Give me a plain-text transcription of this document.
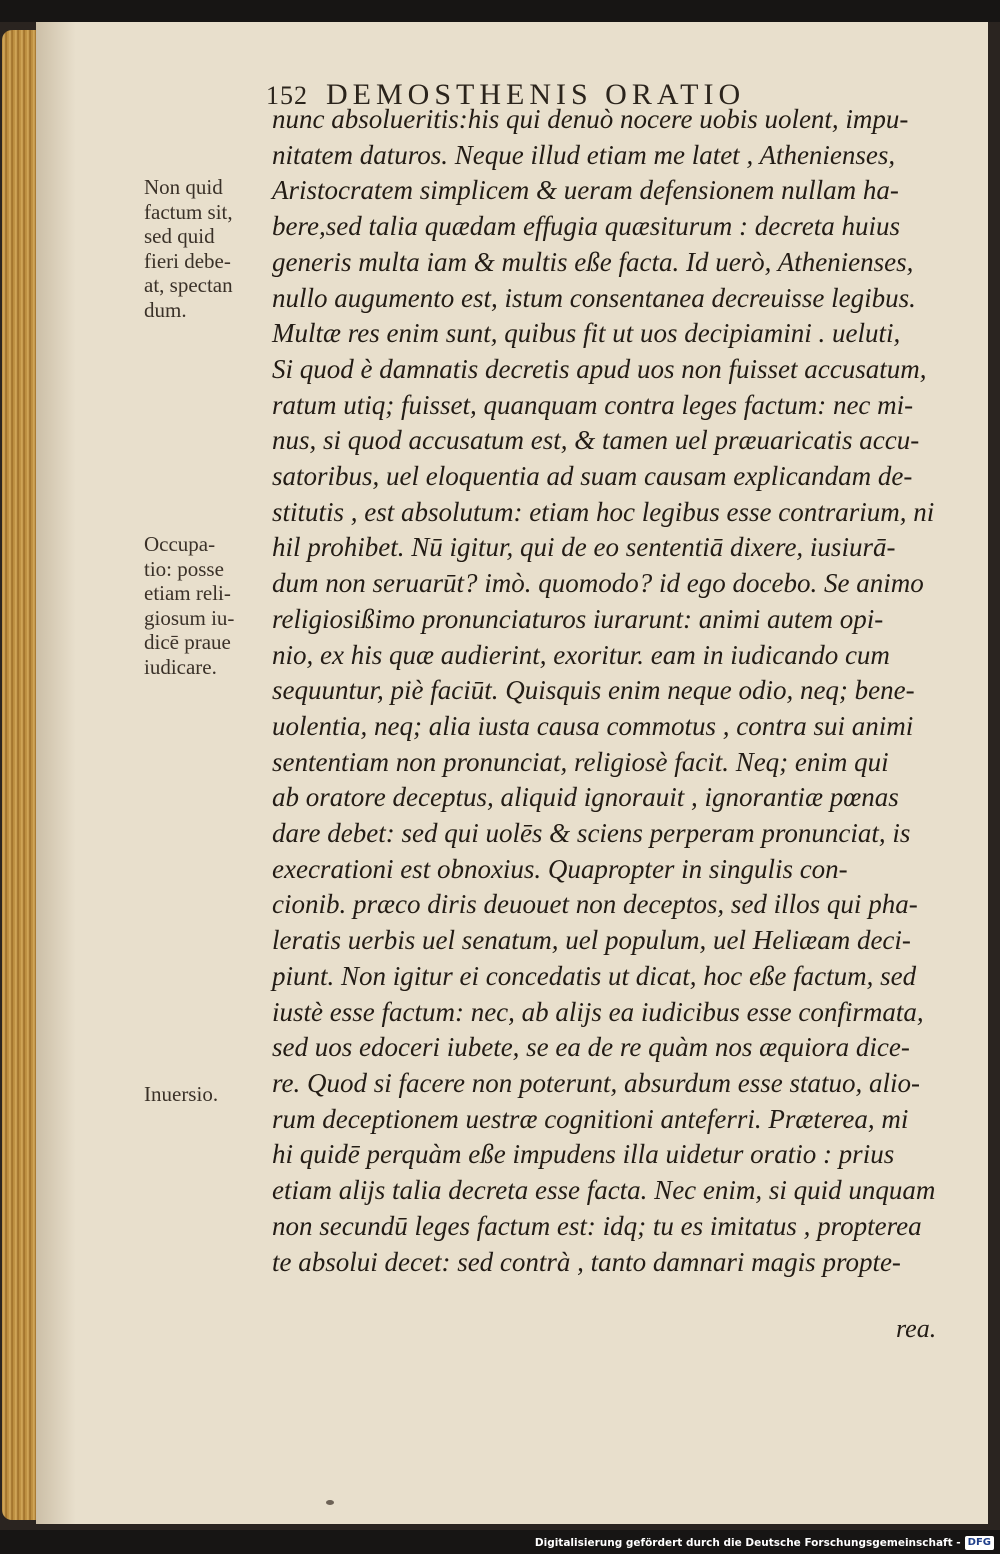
152 DEMOSTHENIS ORATIO
Non quid
factum sit,
sed quid
fieri debe-
at, spectan
dum.
Occupa-
tio: posse
etiam reli-
giosum iu-
dicē praue
iudicare.
Inuersio.
nunc absolueritis:his qui denuò nocere uobis uolent, impu-
nitatem daturos. Neque illud etiam me latet , Athenienses,
Aristocratem simplicem & ueram defensionem nullam ha-
bere,sed talia quædam effugia quæsiturum : decreta huius
generis multa iam & multis eße facta. Id uerò, Athenienses,
nullo augumento est, istum consentanea decreuisse legibus.
Multæ res enim sunt, quibus fit ut uos decipiamini . ueluti,
Si quod è damnatis decretis apud uos non fuisset accusatum,
ratum utiq; fuisset, quanquam contra leges factum: nec mi-
nus, si quod accusatum est, & tamen uel præuaricatis accu-
satoribus, uel eloquentia ad suam causam explicandam de-
stitutis , est absolutum: etiam hoc legibus esse contrarium, ni
hil prohibet. Nū igitur, qui de eo sententiā dixere, iusiurā-
dum non seruarūt? imò. quomodo? id ego docebo. Se animo
religiosißimo pronunciaturos iurarunt: animi autem opi-
nio, ex his quæ audierint, exoritur. eam in iudicando cum
sequuntur, piè faciūt. Quisquis enim neque odio, neq; bene-
uolentia, neq; alia iusta causa commotus , contra sui animi
sententiam non pronunciat, religiosè facit. Neq; enim qui
ab oratore deceptus, aliquid ignorauit , ignorantiæ pœnas
dare debet: sed qui uolēs & sciens perperam pronunciat, is
execrationi est obnoxius. Quapropter in singulis con-
cionib. præco diris deuouet non deceptos, sed illos qui pha-
leratis uerbis uel senatum, uel populum, uel Heliæam deci-
piunt. Non igitur ei concedatis ut dicat, hoc eße factum, sed
iustè esse factum: nec, ab alijs ea iudicibus esse confirmata,
sed uos edoceri iubete, se ea de re quàm nos æquiora dice-
re. Quod si facere non poterunt, absurdum esse statuo, alio-
rum deceptionem uestræ cognitioni anteferri. Præterea, mi
hi quidē perquàm eße impudens illa uidetur oratio : prius
etiam alijs talia decreta esse facta. Nec enim, si quid unquam
non secundū leges factum est: idq; tu es imitatus , propterea
te absolui decet: sed contrà , tanto damnari magis propte-
rea.
Digitalisierung gefördert durch die Deutsche Forschungsgemeinschaft - DFG
